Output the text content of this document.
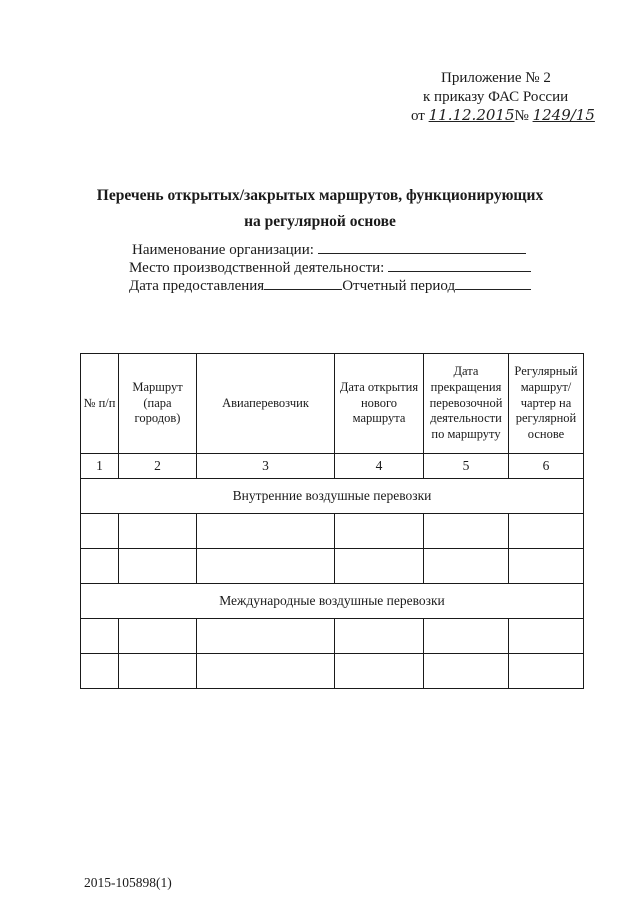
Приложение № 2
к приказу ФАС России
от 11.12.2015№ 1249/15
Перечень открытых/закрытых маршрутов, функционирующих
на регулярной основе
Наименование организации:
Место производственной деятельности:
Дата предоставления	Отчетный период
№ п/п	Маршрут (пара городов)	Авиаперевозчик	Дата открытия нового маршрута	Дата прекращения перевозочной деятельности по маршруту	Регулярный маршрут/ чартер на регулярной основе
1	2	3	4	5	6
Внутренние воздушные перевозки					

Международные воздушные перевозки					

2015-105898(1)
